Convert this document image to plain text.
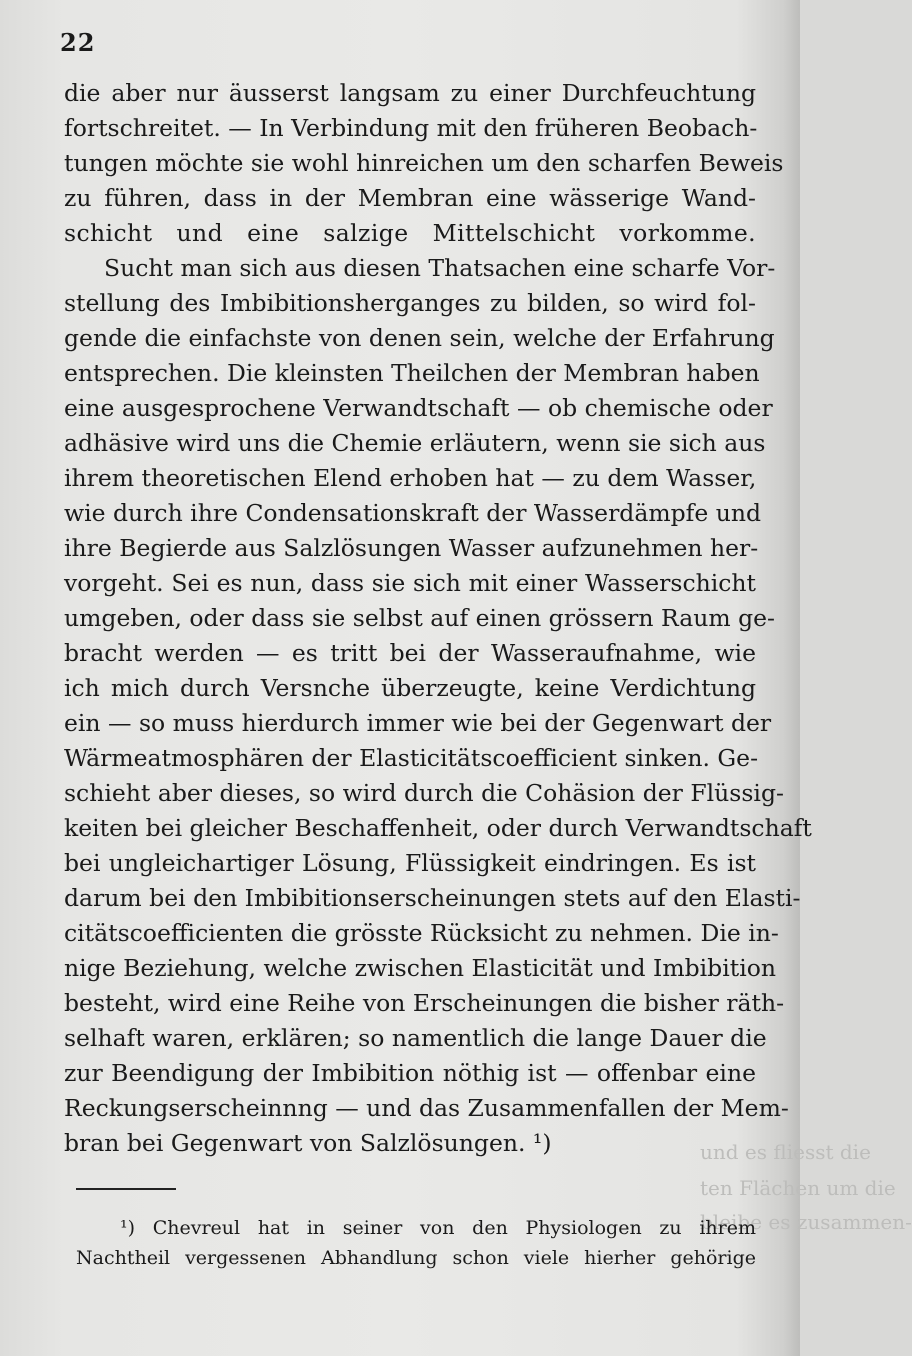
22
die aber nur äusserst langsam zu einer Durchfeuchtung
fortschreitet. — In Verbindung mit den früheren Beobach-
tungen möchte sie wohl hinreichen um den scharfen Beweis
zu führen, dass in der Membran eine wässerige Wand-
schicht und eine salzige Mittelschicht vorkomme.
Sucht man sich aus diesen Thatsachen eine scharfe Vor-
stellung des Imbibitionsherganges zu bilden, so wird fol-
gende die einfachste von denen sein, welche der Erfahrung
entsprechen. Die kleinsten Theilchen der Membran haben
eine ausgesprochene Verwandtschaft — ob chemische oder
adhäsive wird uns die Chemie erläutern, wenn sie sich aus
ihrem theoretischen Elend erhoben hat — zu dem Wasser,
wie durch ihre Condensationskraft der Wasserdämpfe und
ihre Begierde aus Salzlösungen Wasser aufzunehmen her-
vorgeht. Sei es nun, dass sie sich mit einer Wasserschicht
umgeben, oder dass sie selbst auf einen grössern Raum ge-
bracht werden — es tritt bei der Wasseraufnahme, wie
ich mich durch Versnche überzeugte, keine Verdichtung
ein — so muss hierdurch immer wie bei der Gegenwart der
Wärmeatmosphären der Elasticitätscoefficient sinken. Ge-
schieht aber dieses, so wird durch die Cohäsion der Flüssig-
keiten bei gleicher Beschaffenheit, oder durch Verwandtschaft
bei ungleichartiger Lösung, Flüssigkeit eindringen. Es ist
darum bei den Imbibitionserscheinungen stets auf den Elasti-
citätscoefficienten die grösste Rücksicht zu nehmen. Die in-
nige Beziehung, welche zwischen Elasticität und Imbibition
besteht, wird eine Reihe von Erscheinungen die bisher räth-
selhaft waren, erklären; so namentlich die lange Dauer die
zur Beendigung der Imbibition nöthig ist — offenbar eine
Reckungserscheinnng — und das Zusammenfallen der Mem-
bran bei Gegenwart von Salzlösungen. ¹)	und es fliesst die
ten Flächen um die
bleibe es zusammen-
¹) Chevreul hat in seiner von den Physiologen zu ihrem
Nachtheil vergessenen Abhandlung schon viele hierher gehörige
